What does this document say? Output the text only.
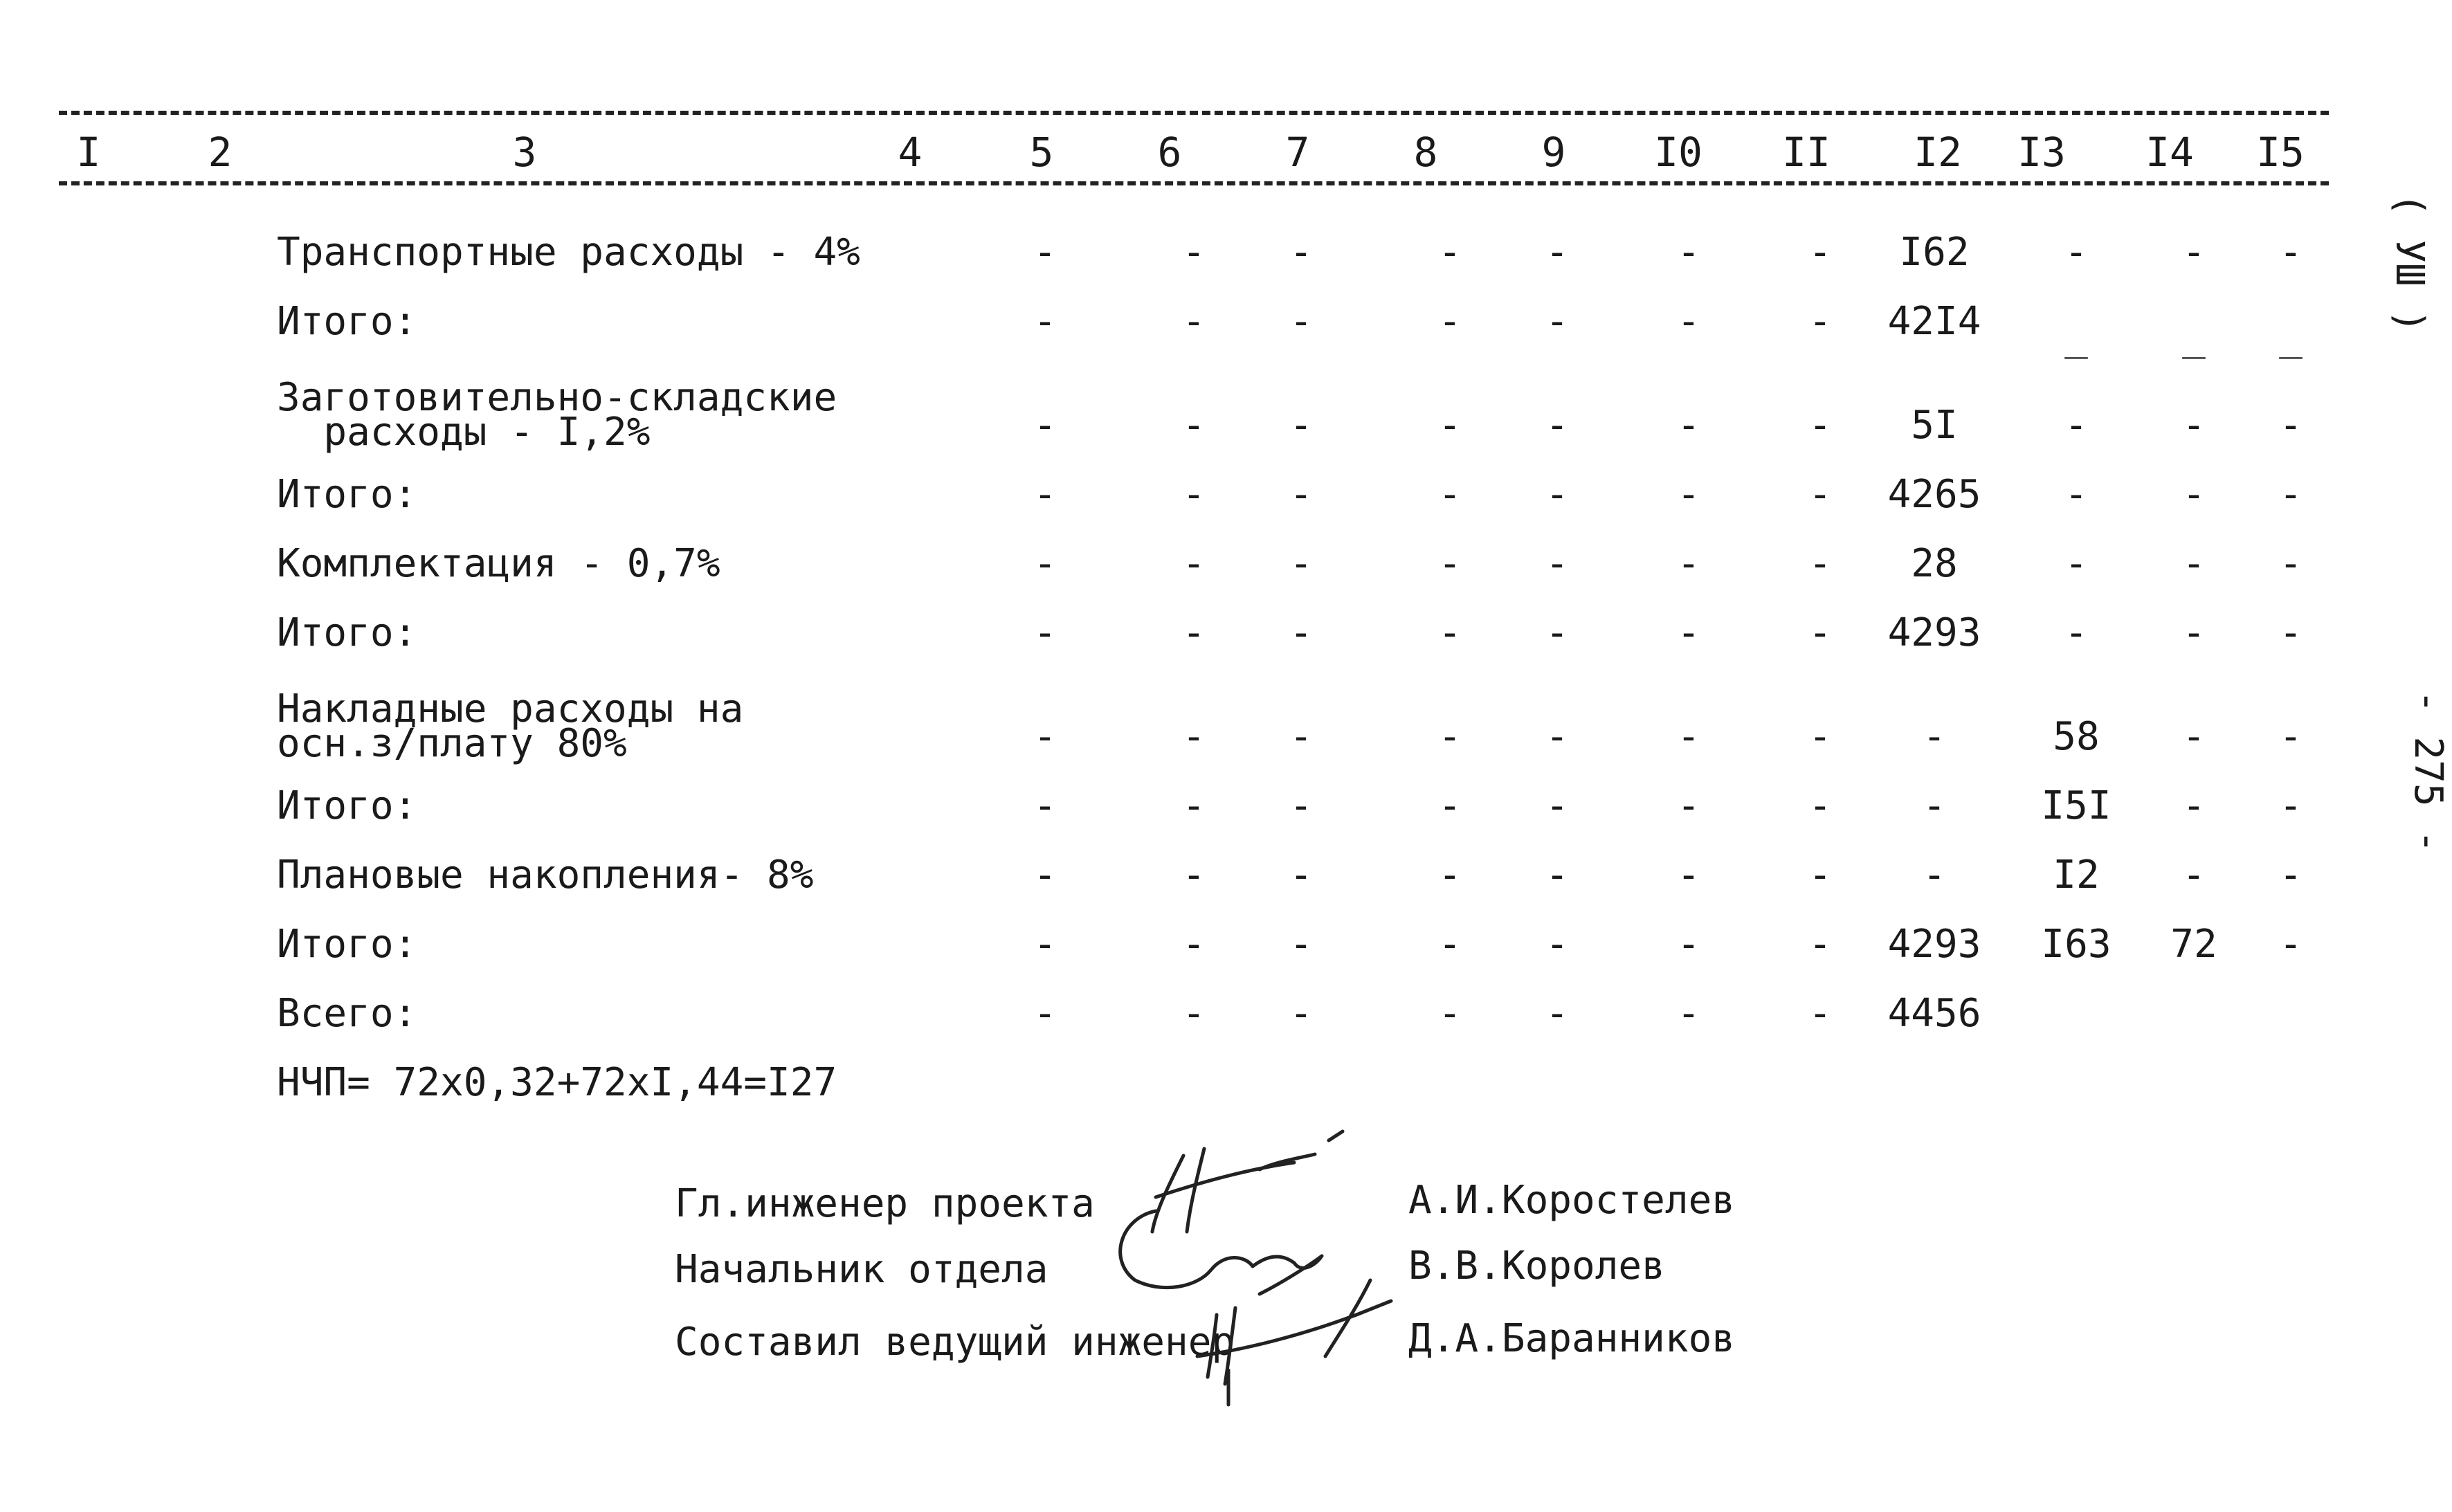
I	2	3	4	5	6	7	8	9	I0	II	I2	I3	I4	I5
Транспортные расходы - 4%	-	-	-	-	-	-	-	I62	-	-	-
Итого:	-	-	-	-	-	-	-	42I4	_	_	_
Заготовительно-складские
расходы - I,2%	-	-	-	-	-	-	-	5I	-	-	-
Итого:	-	-	-	-	-	-	-	4265	-	-	-
Комплектация - 0,7%	-	-	-	-	-	-	-	28	-	-	-
Итого:	-	-	-	-	-	-	-	4293	-	-	-
Накладные расходы на
осн.з/плату 80%	-	-	-	-	-	-	-	-	58	-	-
Итого:	-	-	-	-	-	-	-	-	I5I	-	-
Плановые накопления- 8%	-	-	-	-	-	-	-	-	I2	-	-
Итого:	-	-	-	-	-	-	-	4293	I63	72	-
Всего:	-	-	-	-	-	-	-	4456
НЧП= 72x0,32+72xI,44=I27
Гл.инженер проекта	А.И.Коростелев
Начальник отдела	В.В.Королев
Составил ведущий инженер	Д.А.Баранников
( УШ )
- 275 -
